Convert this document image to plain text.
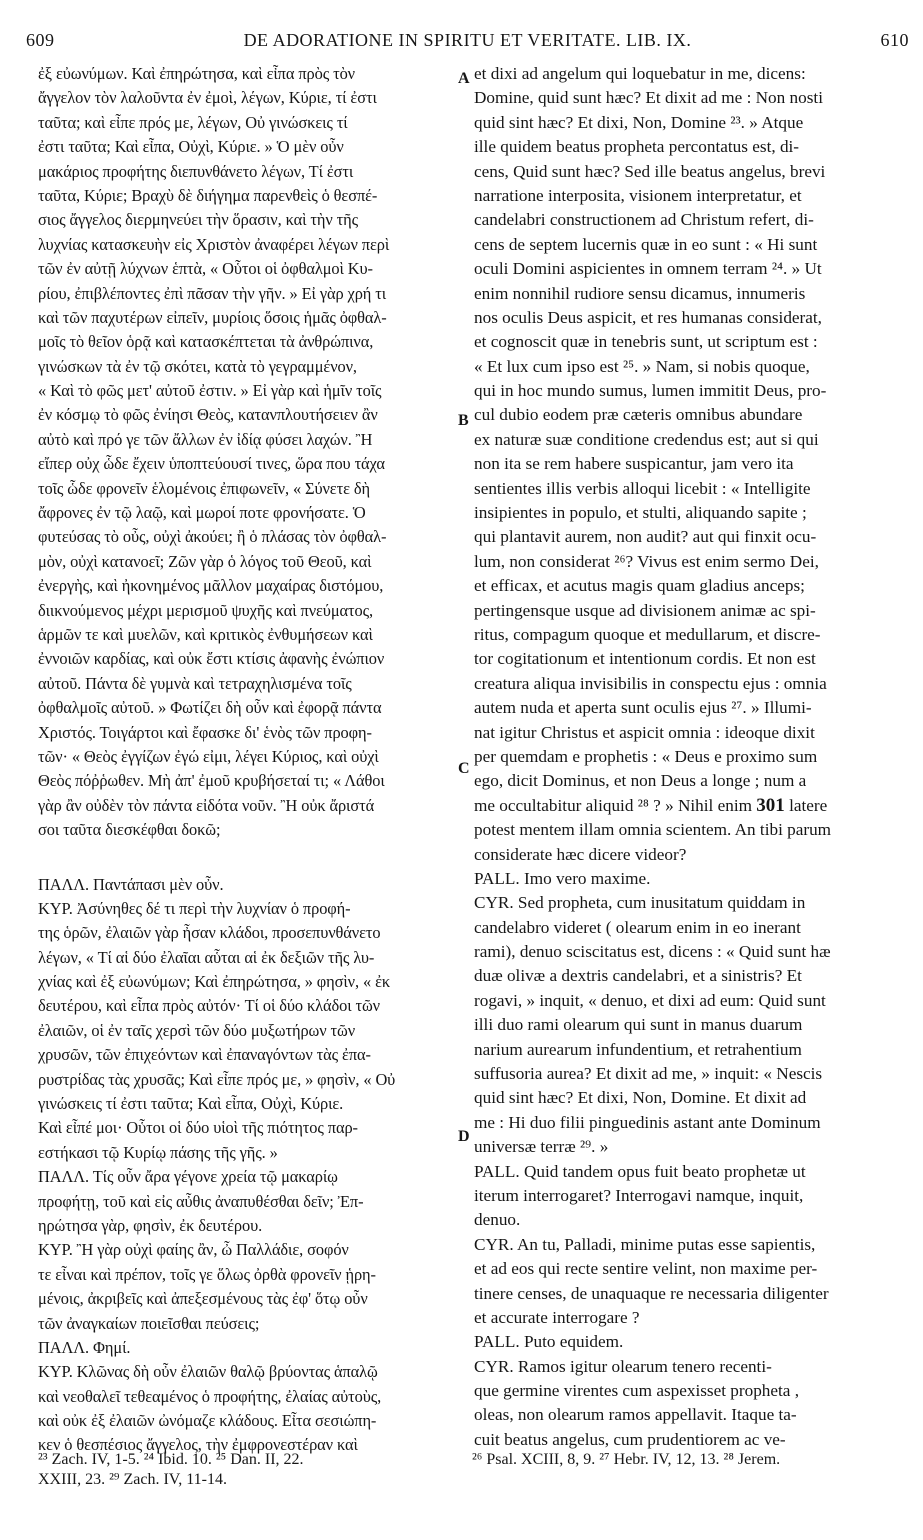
609	DE ADORATIONE IN SPIRITU ET VERITATE. LIB. IX.	610
ἐξ εὐωνύμων. Καὶ ἐπηρώτησα, καὶ εἶπα πρὸς τὸν
ἄγγελον τὸν λαλοῦντα ἐν ἐμοὶ, λέγων, Κύριε, τί ἐστι
ταῦτα; καὶ εἶπε πρός με, λέγων, Οὐ γινώσκεις τί
ἐστι ταῦτα; Καὶ εἶπα, Οὐχὶ, Κύριε. » Ὁ μὲν οὖν
μακάριος προφήτης διεπυνθάνετο λέγων, Τί ἐστι
ταῦτα, Κύριε; Βραχὺ δὲ διήγημα παρενθεὶς ὁ θεσπέ-
σιος ἄγγελος διερμηνεύει τὴν ὅρασιν, καὶ τὴν τῆς
λυχνίας κατασκευὴν εἰς Χριστὸν ἀναφέρει λέγων περὶ
τῶν ἐν αὐτῇ λύχνων ἑπτὰ, « Οὗτοι οἱ ὀφθαλμοὶ Κυ-
ρίου, ἐπιβλέποντες ἐπὶ πᾶσαν τὴν γῆν. » Εἰ γὰρ χρή τι
καὶ τῶν παχυτέρων εἰπεῖν, μυρίοις ὅσοις ἡμᾶς ὀφθαλ-
μοῖς τὸ θεῖον ὁρᾷ καὶ κατασκέπτεται τὰ ἀνθρώπινα,
γινώσκων τὰ ἐν τῷ σκότει, κατὰ τὸ γεγραμμένον,
« Καὶ τὸ φῶς μετ' αὐτοῦ ἐστιν. » Εἰ γὰρ καὶ ἡμῖν τοῖς
ἐν κόσμῳ τὸ φῶς ἐνίησι Θεὸς, κατανπλουτήσειεν ἂν
αὐτὸ καὶ πρό γε τῶν ἄλλων ἐν ἰδίᾳ φύσει λαχών. Ἢ
εἴπερ οὐχ ὧδε ἔχειν ὑποπτεύουσί τινες, ὥρα που τάχα
τοῖς ὧδε φρονεῖν ἑλομένοις ἐπιφωνεῖν, « Σύνετε δὴ
ἄφρονες ἐν τῷ λαῷ, καὶ μωροί ποτε φρονήσατε. Ὁ
φυτεύσας τὸ οὖς, οὐχὶ ἀκούει; ἢ ὁ πλάσας τὸν ὀφθαλ-
μὸν, οὐχὶ κατανοεῖ; Ζῶν γὰρ ὁ λόγος τοῦ Θεοῦ, καὶ
ἐνεργὴς, καὶ ἠκονημένος μᾶλλον μαχαίρας διστόμου,
διικνούμενος μέχρι μερισμοῦ ψυχῆς καὶ πνεύματος,
ἁρμῶν τε καὶ μυελῶν, καὶ κριτικὸς ἐνθυμήσεων καὶ
ἐννοιῶν καρδίας, καὶ οὐκ ἔστι κτίσις ἀφανὴς ἐνώπιον
αὐτοῦ. Πάντα δὲ γυμνὰ καὶ τετραχηλισμένα τοῖς
ὀφθαλμοῖς αὐτοῦ. » Φωτίζει δὴ οὖν καὶ ἐφορᾷ πάντα
Χριστός. Τοιγάρτοι καὶ ἔφασκε δι' ἑνὸς τῶν προφη-
τῶν· « Θεὸς ἐγγίζων ἐγώ εἰμι, λέγει Κύριος, καὶ οὐχὶ
Θεὸς πόῤῥωθεν. Μὴ ἀπ' ἐμοῦ κρυβήσεταί τι; « Λάθοι
γὰρ ἂν οὐδὲν τὸν πάντα εἰδότα νοῦν. Ἢ οὐκ ἄριστά
σοι ταῦτα διεσκέφθαι δοκῶ;
ΠΑΛΛ. Παντάπασι μὲν οὖν.
ΚΥΡ. Ἀσύνηθες δέ τι περὶ τὴν λυχνίαν ὁ προφή-
της ὁρῶν, ἐλαιῶν γὰρ ἦσαν κλάδοι, προσεπυνθάνετο
λέγων, « Τί αἱ δύο ἐλαῖαι αὗται αἱ ἐκ δεξιῶν τῆς λυ-
χνίας καὶ ἐξ εὐωνύμων; Καὶ ἐπηρώτησα, » φησὶν, « ἐκ
δευτέρου, καὶ εἶπα πρὸς αὐτόν· Τί οἱ δύο κλάδοι τῶν
ἐλαιῶν, οἱ ἐν ταῖς χερσὶ τῶν δύο μυξωτήρων τῶν
χρυσῶν, τῶν ἐπιχεόντων καὶ ἐπαναγόντων τὰς ἐπα-
ρυστρίδας τὰς χρυσᾶς; Καὶ εἶπε πρός με, » φησὶν, « Οὐ
γινώσκεις τί ἐστι ταῦτα; Καὶ εἶπα, Οὐχὶ, Κύριε.
Καὶ εἶπέ μοι· Οὗτοι οἱ δύο υἱοὶ τῆς πιότητος παρ-
εστήκασι τῷ Κυρίῳ πάσης τῆς γῆς. »
ΠΑΛΛ. Τίς οὖν ἄρα γέγονε χρεία τῷ μακαρίῳ
προφήτῃ, τοῦ καὶ εἰς αὖθις ἀναπυθέσθαι δεῖν; Ἐπ-
ηρώτησα γὰρ, φησὶν, ἐκ δευτέρου.
ΚΥΡ. Ἢ γὰρ οὐχὶ φαίης ἂν, ὦ Παλλάδιε, σοφόν
τε εἶναι καὶ πρέπον, τοῖς γε ὅλως ὀρθὰ φρονεῖν ᾑρη-
μένοις, ἀκριβεῖς καὶ ἀπεξεσμένους τὰς ἐφ' ὅτῳ οὖν
τῶν ἀναγκαίων ποιεῖσθαι πεύσεις;
ΠΑΛΛ. Φημί.
ΚΥΡ. Κλῶνας δὴ οὖν ἐλαιῶν θαλῷ βρύοντας ἁπαλῷ
καὶ νεοθαλεῖ τεθεαμένος ὁ προφήτης, ἐλαίας αὐτοὺς,
καὶ οὐκ ἐξ ἐλαιῶν ὠνόμαζε κλάδους. Εἶτα σεσιώπη-
κεν ὁ θεσπέσιος ἄγγελος, τὴν ἐμφρονεστέραν καὶ
et dixi ad angelum qui loquebatur in me, dicens:
Domine, quid sunt hæc? Et dixit ad me : Non nosti
quid sint hæc? Et dixi, Non, Domine ²³. » Atque
ille quidem beatus propheta percontatus est, di-
cens, Quid sunt hæc? Sed ille beatus angelus, brevi
narratione interposita, visionem interpretatur, et
candelabri constructionem ad Christum refert, di-
cens de septem lucernis quæ in eo sunt : « Hi sunt
oculi Domini aspicientes in omnem terram ²⁴. » Ut
enim nonnihil rudiore sensu dicamus, innumeris
nos oculis Deus aspicit, et res humanas considerat,
et cognoscit quæ in tenebris sunt, ut scriptum est :
« Et lux cum ipso est ²⁵. » Nam, si nobis quoque,
qui in hoc mundo sumus, lumen immitit Deus, pro-
cul dubio eodem præ cæteris omnibus abundare
ex naturæ suæ conditione credendus est; aut si qui
non ita se rem habere suspicantur, jam vero ita
sentientes illis verbis alloqui licebit : « Intelligite
insipientes in populo, et stulti, aliquando sapite ;
qui plantavit aurem, non audit? aut qui finxit ocu-
lum, non considerat ²⁶? Vivus est enim sermo Dei,
et efficax, et acutus magis quam gladius anceps;
pertingensque usque ad divisionem animæ ac spi-
ritus, compagum quoque et medullarum, et discre-
tor cogitationum et intentionum cordis. Et non est
creatura aliqua invisibilis in conspectu ejus : omnia
autem nuda et aperta sunt oculis ejus ²⁷. » Illumi-
nat igitur Christus et aspicit omnia : ideoque dixit
per quemdam e prophetis : « Deus e proximo sum
ego, dicit Dominus, et non Deus a longe ; num a
me occultabitur aliquid ²⁸ ? » Nihil enim 301 latere
potest mentem illam omnia scientem. An tibi parum
considerate hæc dicere videor?
PALL. Imo vero maxime.
CYR. Sed propheta, cum inusitatum quiddam in
candelabro videret ( olearum enim in eo inerant
rami), denuo sciscitatus est, dicens : « Quid sunt hæ
duæ olivæ a dextris candelabri, et a sinistris? Et
rogavi, » inquit, « denuo, et dixi ad eum: Quid sunt
illi duo rami olearum qui sunt in manus duarum
narium aurearum infundentium, et retrahentium
suffusoria aurea? Et dixit ad me, » inquit: « Nescis
quid sint hæc? Et dixi, Non, Domine. Et dixit ad
me : Hi duo filii pinguedinis astant ante Dominum
universæ terræ ²⁹. »
PALL. Quid tandem opus fuit beato prophetæ ut
iterum interrogaret? Interrogavi namque, inquit,
denuo.
CYR. An tu, Palladi, minime putas esse sapientis,
et ad eos qui recte sentire velint, non maxime per-
tinere censes, de unaquaque re necessaria diligenter
et accurate interrogare ?
PALL. Puto equidem.
CYR. Ramos igitur olearum tenero recenti-
que germine virentes cum aspexisset propheta ,
oleas, non olearum ramos appellavit. Itaque ta-
cuit beatus angelus, cum prudentiorem ac ve-
A
B
C
D
²³ Zach. IV, 1-5. ²⁴ Ibid. 10. ²⁵ Dan. II, 22.
XXIII, 23. ²⁹ Zach. IV, 11-14.
²⁶ Psal. XCIII, 8, 9. ²⁷ Hebr. IV, 12, 13. ²⁸ Jerem.
